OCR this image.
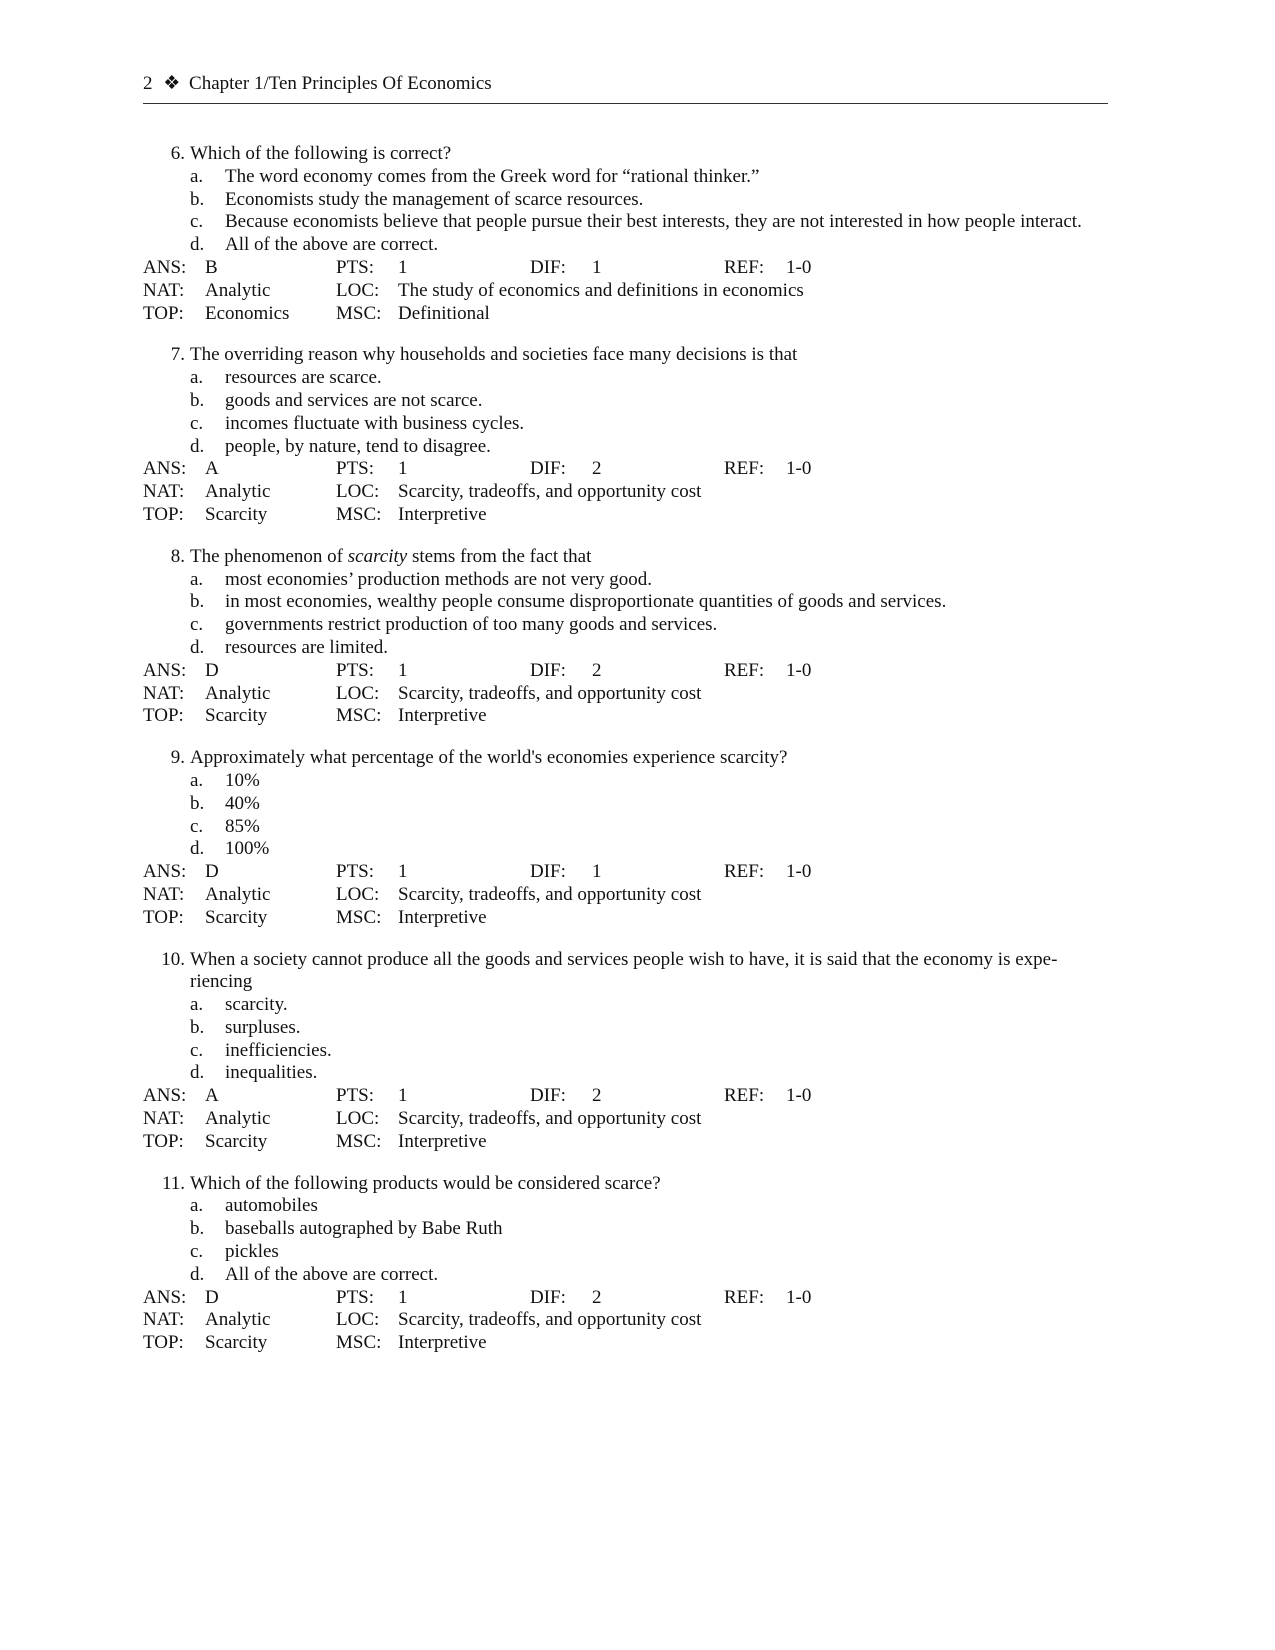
2 ❖ Chapter 1/Ten Principles Of Economics
6. Which of the following is correct?
a.	The word economy comes from the Greek word for “rational thinker.”
b.	Economists study the management of scarce resources.
c.	Because economists believe that people pursue their best interests, they are not interested in how people interact.
d.	All of the above are correct.
ANS: B	PTS:	1	DIF:	1	REF:	1-0
NAT:	Analytic	LOC: The study of economics and definitions in economics
TOP:	Economics MSC: Definitional
7. The overriding reason why households and societies face many decisions is that
a.	resources are scarce.
b.	goods and services are not scarce.
c.	incomes fluctuate with business cycles.
d.	people, by nature, tend to disagree.
ANS: A	PTS:	1	DIF:	2	REF:	1-0
NAT:	Analytic	LOC: Scarcity, tradeoffs, and opportunity cost
TOP:	Scarcity	MSC: Interpretive
8. The phenomenon of scarcity stems from the fact that
a.	most economies’ production methods are not very good.
b.	in most economies, wealthy people consume disproportionate quantities of goods and services.
c.	governments restrict production of too many goods and services.
d.	resources are limited.
ANS: D	PTS:	1	DIF:	2	REF:	1-0
NAT:	Analytic	LOC: Scarcity, tradeoffs, and opportunity cost
TOP:	Scarcity	MSC: Interpretive
9. Approximately what percentage of the world's economies experience scarcity?
a.	10%
b.	40%
c.	85%
d.	100%
ANS: D	PTS:	1	DIF:	1	REF:	1-0
NAT:	Analytic	LOC: Scarcity, tradeoffs, and opportunity cost
TOP:	Scarcity	MSC: Interpretive
10. When a society cannot produce all the goods and services people wish to have, it is said that the economy is expe-riencing
a.	scarcity.
b.	surpluses.
c.	inefficiencies.
d.	inequalities.
ANS: A	PTS:	1	DIF:	2	REF:	1-0
NAT:	Analytic	LOC: Scarcity, tradeoffs, and opportunity cost
TOP:	Scarcity	MSC: Interpretive
11. Which of the following products would be considered scarce?
a.	automobiles
b.	baseballs autographed by Babe Ruth
c.	pickles
d.	All of the above are correct.
ANS: D	PTS:	1	DIF:	2	REF:	1-0
NAT:	Analytic	LOC: Scarcity, tradeoffs, and opportunity cost
TOP:	Scarcity	MSC: Interpretive
